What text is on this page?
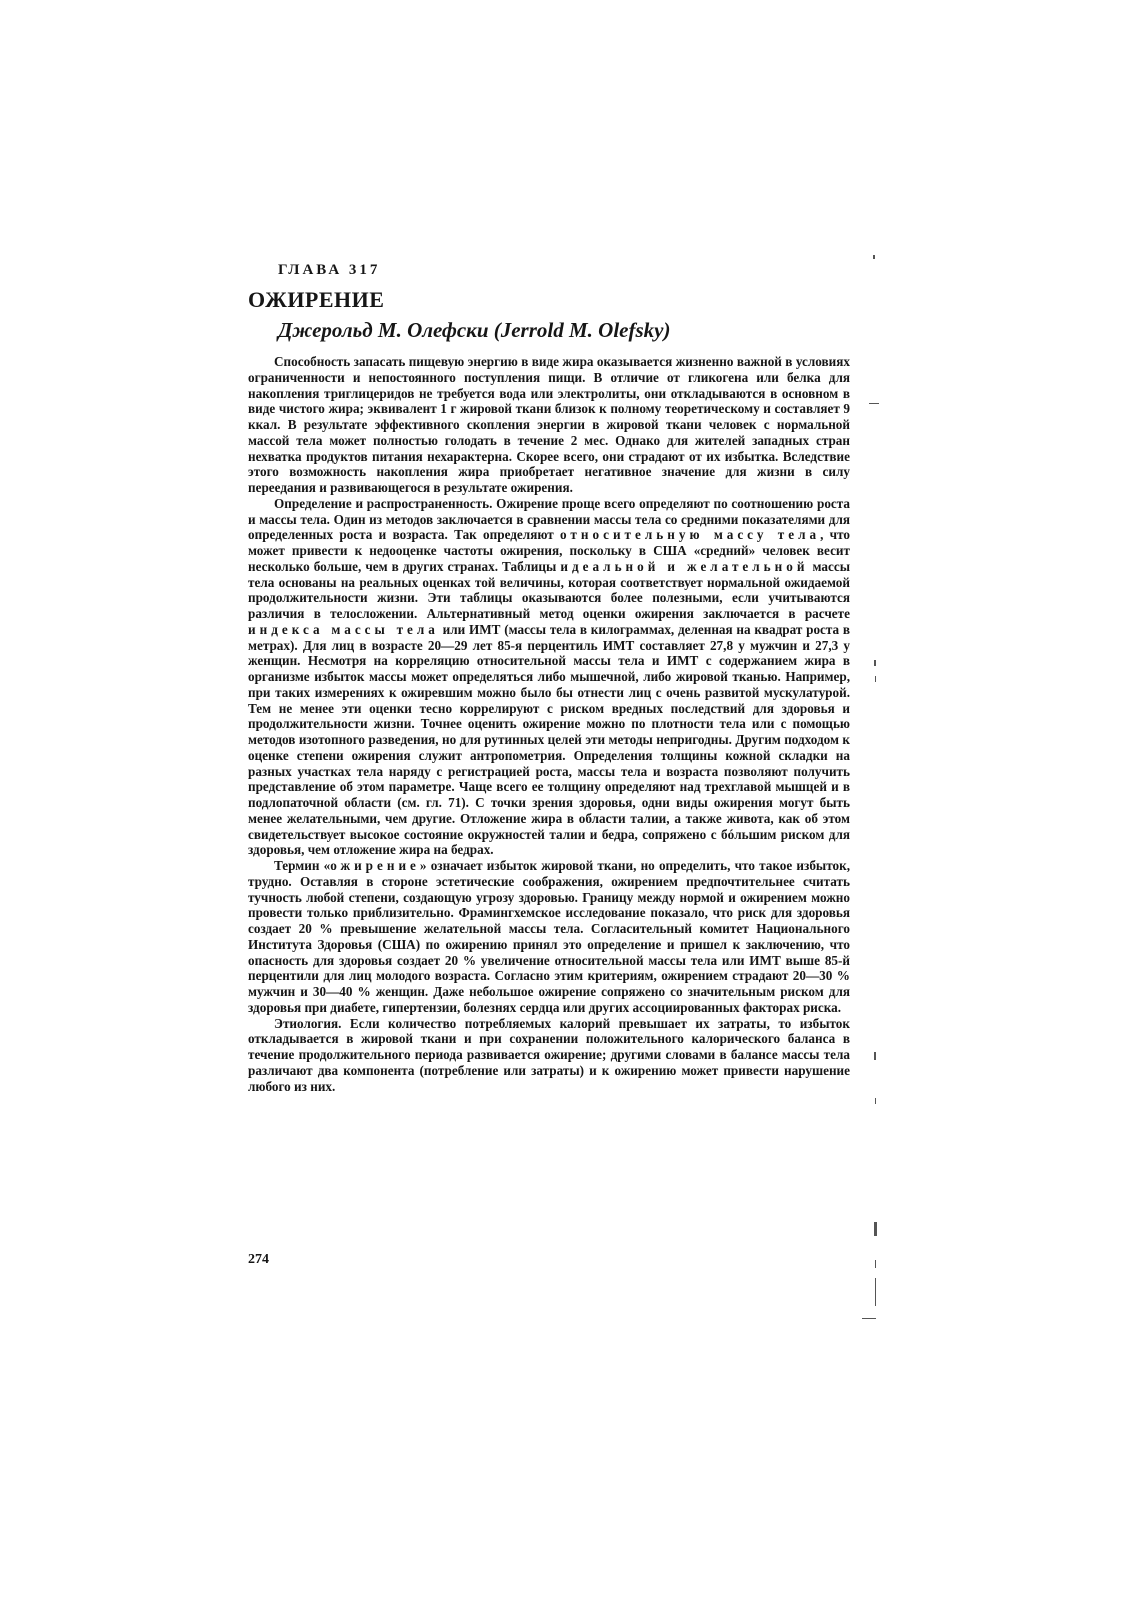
ГЛАВА 317
ОЖИРЕНИЕ
Джерольд М. Олефски (Jerrold M. Olefsky)

Способность запасать пищевую энергию в виде жира оказывается жизненно важной в условиях ограниченности и непостоянного поступления пищи. В отличие от гликогена или белка для накопления триглицеридов не требуется вода или электролиты, они откладываются в основном в виде чистого жира; эквивалент 1 г жировой ткани близок к полному теоретическому и составляет 9 ккал. В результате эффективного скопления энергии в жировой ткани человек с нормальной массой тела может полностью голодать в течение 2 мес. Однако для жителей западных стран нехватка продуктов питания нехарактерна. Скорее всего, они страдают от их избытка. Вследствие этого возможность накопления жира приобретает негативное значение для жизни в силу переедания и развивающегося в результате ожирения.

Определение и распространенность. Ожирение проще всего определяют по соотношению роста и массы тела. Один из методов заключается в сравнении массы тела со средними показателями для определенных роста и возраста. Так определяют относительную массу тела, что может привести к недооценке частоты ожирения, поскольку в США «средний» человек весит несколько больше, чем в других странах. Таблицы идеальной и желательной массы тела основаны на реальных оценках той величины, которая соответствует нормальной ожидаемой продолжительности жизни. Эти таблицы оказываются более полезными, если учитываются различия в телосложении. Альтернативный метод оценки ожирения заключается в расчете индекса массы тела или ИМТ (массы тела в килограммах, деленная на квадрат роста в метрах). Для лиц в возрасте 20—29 лет 85-я перцентиль ИМТ составляет 27,8 у мужчин и 27,3 у женщин. Несмотря на корреляцию относительной массы тела и ИМТ с содержанием жира в организме избыток массы может определяться либо мышечной, либо жировой тканью. Например, при таких измерениях к ожиревшим можно было бы отнести лиц с очень развитой мускулатурой. Тем не менее эти оценки тесно коррелируют с риском вредных последствий для здоровья и продолжительности жизни. Точнее оценить ожирение можно по плотности тела или с помощью методов изотопного разведения, но для рутинных целей эти методы непригодны. Другим подходом к оценке степени ожирения служит антропометрия. Определения толщины кожной складки на разных участках тела наряду с регистрацией роста, массы тела и возраста позволяют получить представление об этом параметре. Чаще всего ее толщину определяют над трехглавой мышцей и в подлопаточной области (см. гл. 71). С точки зрения здоровья, одни виды ожирения могут быть менее желательными, чем другие. Отложение жира в области талии, а также живота, как об этом свидетельствует высокое состояние окружностей талии и бедра, сопряжено с бóльшим риском для здоровья, чем отложение жира на бедрах.

Термин «ожирение» означает избыток жировой ткани, но определить, что такое избыток, трудно. Оставляя в стороне эстетические соображения, ожирением предпочтительнее считать тучность любой степени, создающую угрозу здоровью. Границу между нормой и ожирением можно провести только приблизительно. Фрамингхемское исследование показало, что риск для здоровья создает 20 % превышение желательной массы тела. Согласительный комитет Национального Института Здоровья (США) по ожирению принял это определение и пришел к заключению, что опасность для здоровья создает 20 % увеличение относительной массы тела или ИМТ выше 85-й перцентили для лиц молодого возраста. Согласно этим критериям, ожирением страдают 20—30 % мужчин и 30—40 % женщин. Даже небольшое ожирение сопряжено со значительным риском для здоровья при диабете, гипертензии, болезнях сердца или других ассоциированных факторах риска.

Этиология. Если количество потребляемых калорий превышает их затраты, то избыток откладывается в жировой ткани и при сохранении положительного калорического баланса в течение продолжительного периода развивается ожирение; другими словами в балансе массы тела различают два компонента (потребление или затраты) и к ожирению может привести нарушение любого из них.

274
